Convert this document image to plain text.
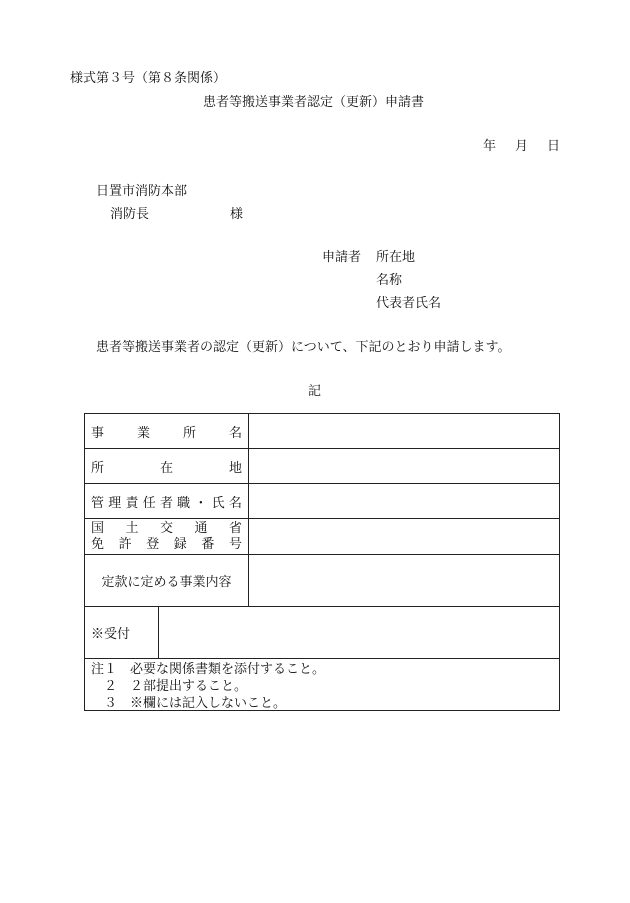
様式第３号（第８条関係）
患者等搬送事業者認定（更新）申請書
年 月 日
日置市消防本部
消防長	様
申請者 所在地
名称
代表者氏名
患者等搬送事業者の認定（更新）について、下記のとおり申請します。
記
事	業	所	名
所	在	地
管 理 責 任 者 職 ・ 氏 名
国 土 交 通 省
免 許 登 録 番 号
定款に定める事業内容
※受付
注１　必要な関係書類を添付すること。
　２　２部提出すること。
　３　※欄には記入しないこと。
